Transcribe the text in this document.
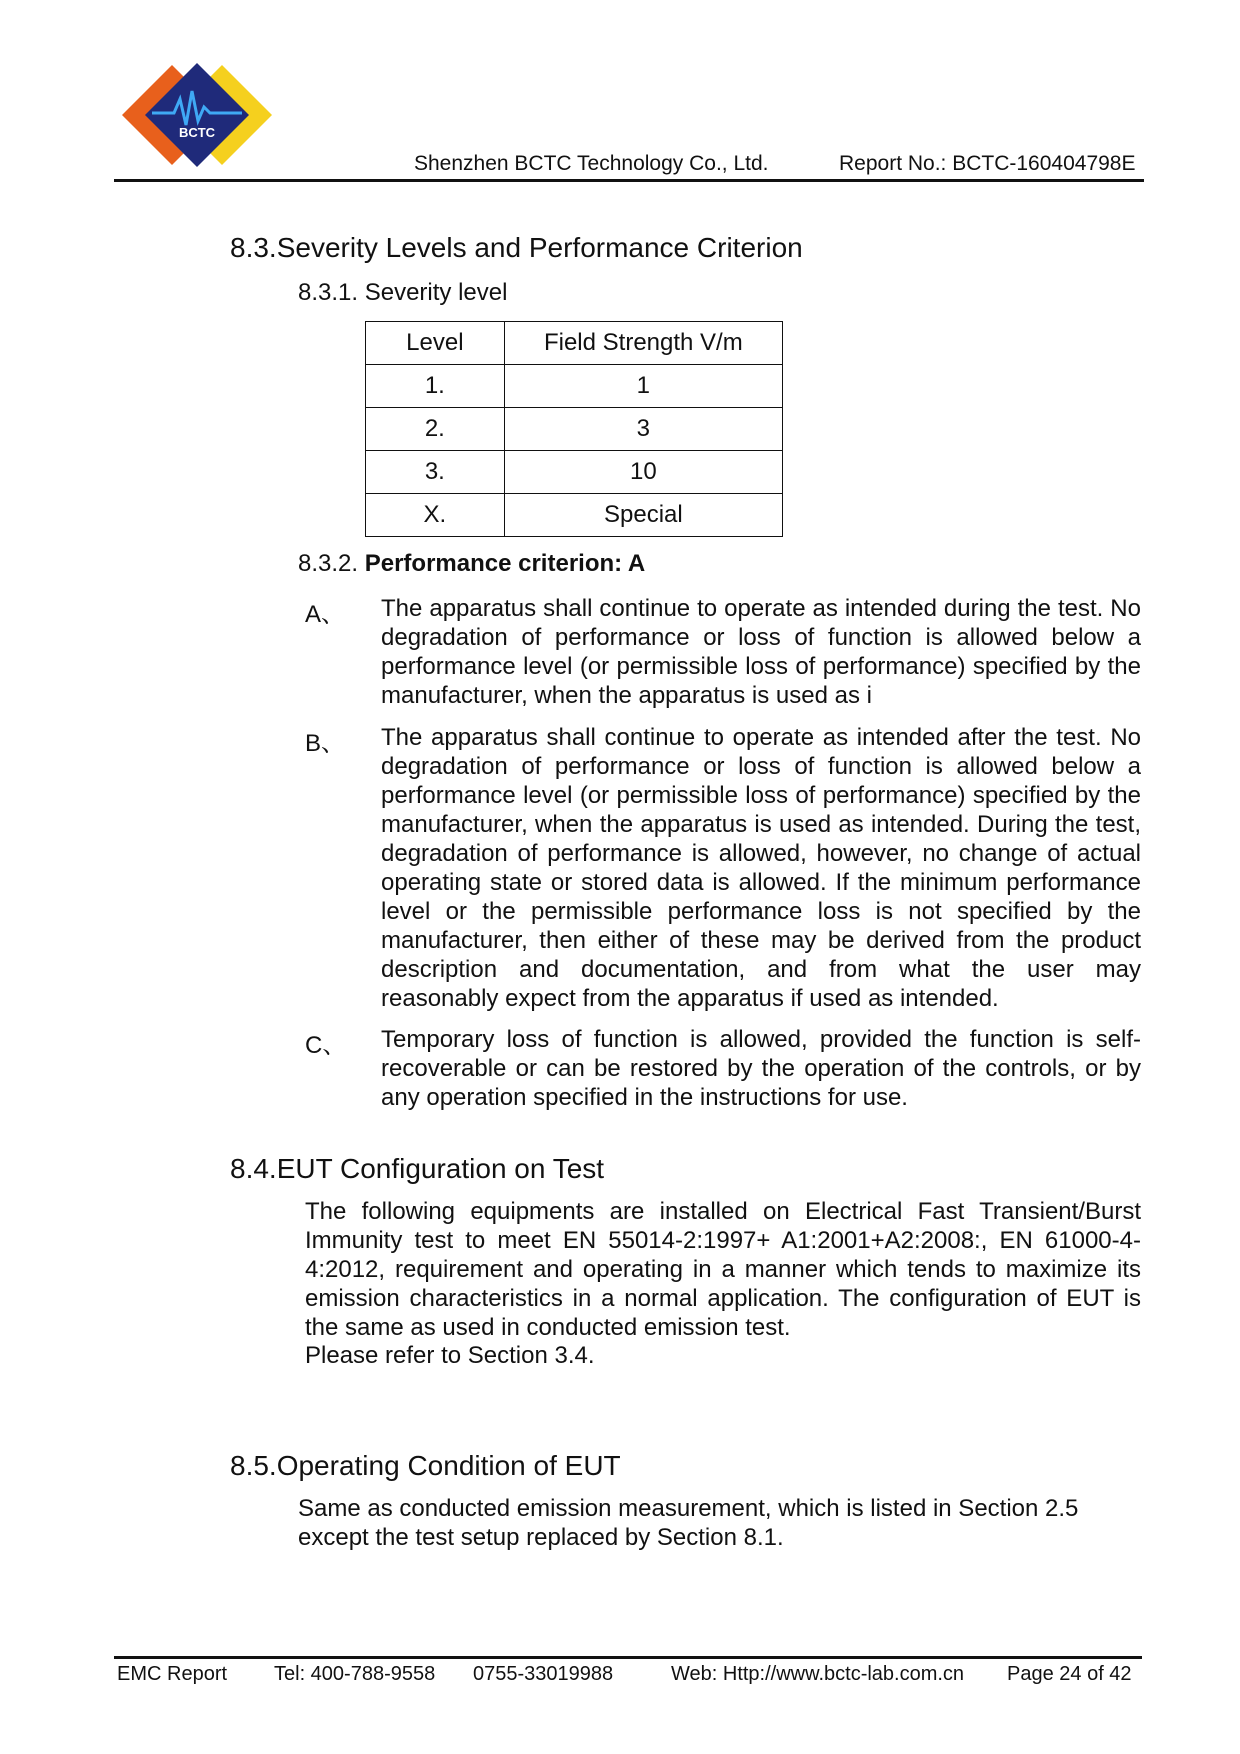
BCTC
Shenzhen BCTC Technology Co., Ltd.	Report No.: BCTC-160404798E
8.3.Severity Levels and Performance Criterion
8.3.1. Severity level
Level	Field Strength V/m
1.	1
2.	3
3.	10
X.	Special
8.3.2. Performance criterion: A
A、 The apparatus shall continue to operate as intended during the test. No degradation of performance or loss of function is allowed below a performance level (or permissible loss of performance) specified by the manufacturer, when the apparatus is used as i
B、 The apparatus shall continue to operate as intended after the test. No degradation of performance or loss of function is allowed below a performance level (or permissible loss of performance) specified by the manufacturer, when the apparatus is used as intended. During the test, degradation of performance is allowed, however, no change of actual operating state or stored data is allowed. If the minimum performance level or the permissible performance loss is not specified by the manufacturer, then either of these may be derived from the product description and documentation, and from what the user may reasonably expect from the apparatus if used as intended.
C、 Temporary loss of function is allowed, provided the function is self-recoverable or can be restored by the operation of the controls, or by any operation specified in the instructions for use.
8.4.EUT Configuration on Test
The following equipments are installed on Electrical Fast Transient/Burst Immunity test to meet EN 55014-2:1997+ A1:2001+A2:2008:, EN 61000-4-4:2012, requirement and operating in a manner which tends to maximize its emission characteristics in a normal application. The configuration of EUT is the same as used in conducted emission test.
Please refer to Section 3.4.
8.5.Operating Condition of EUT
Same as conducted emission measurement, which is listed in Section 2.5
except the test setup replaced by Section 8.1.
EMC Report Tel: 400-788-9558 0755-33019988	Web: Http://www.bctc-lab.com.cn Page 24 of 42
